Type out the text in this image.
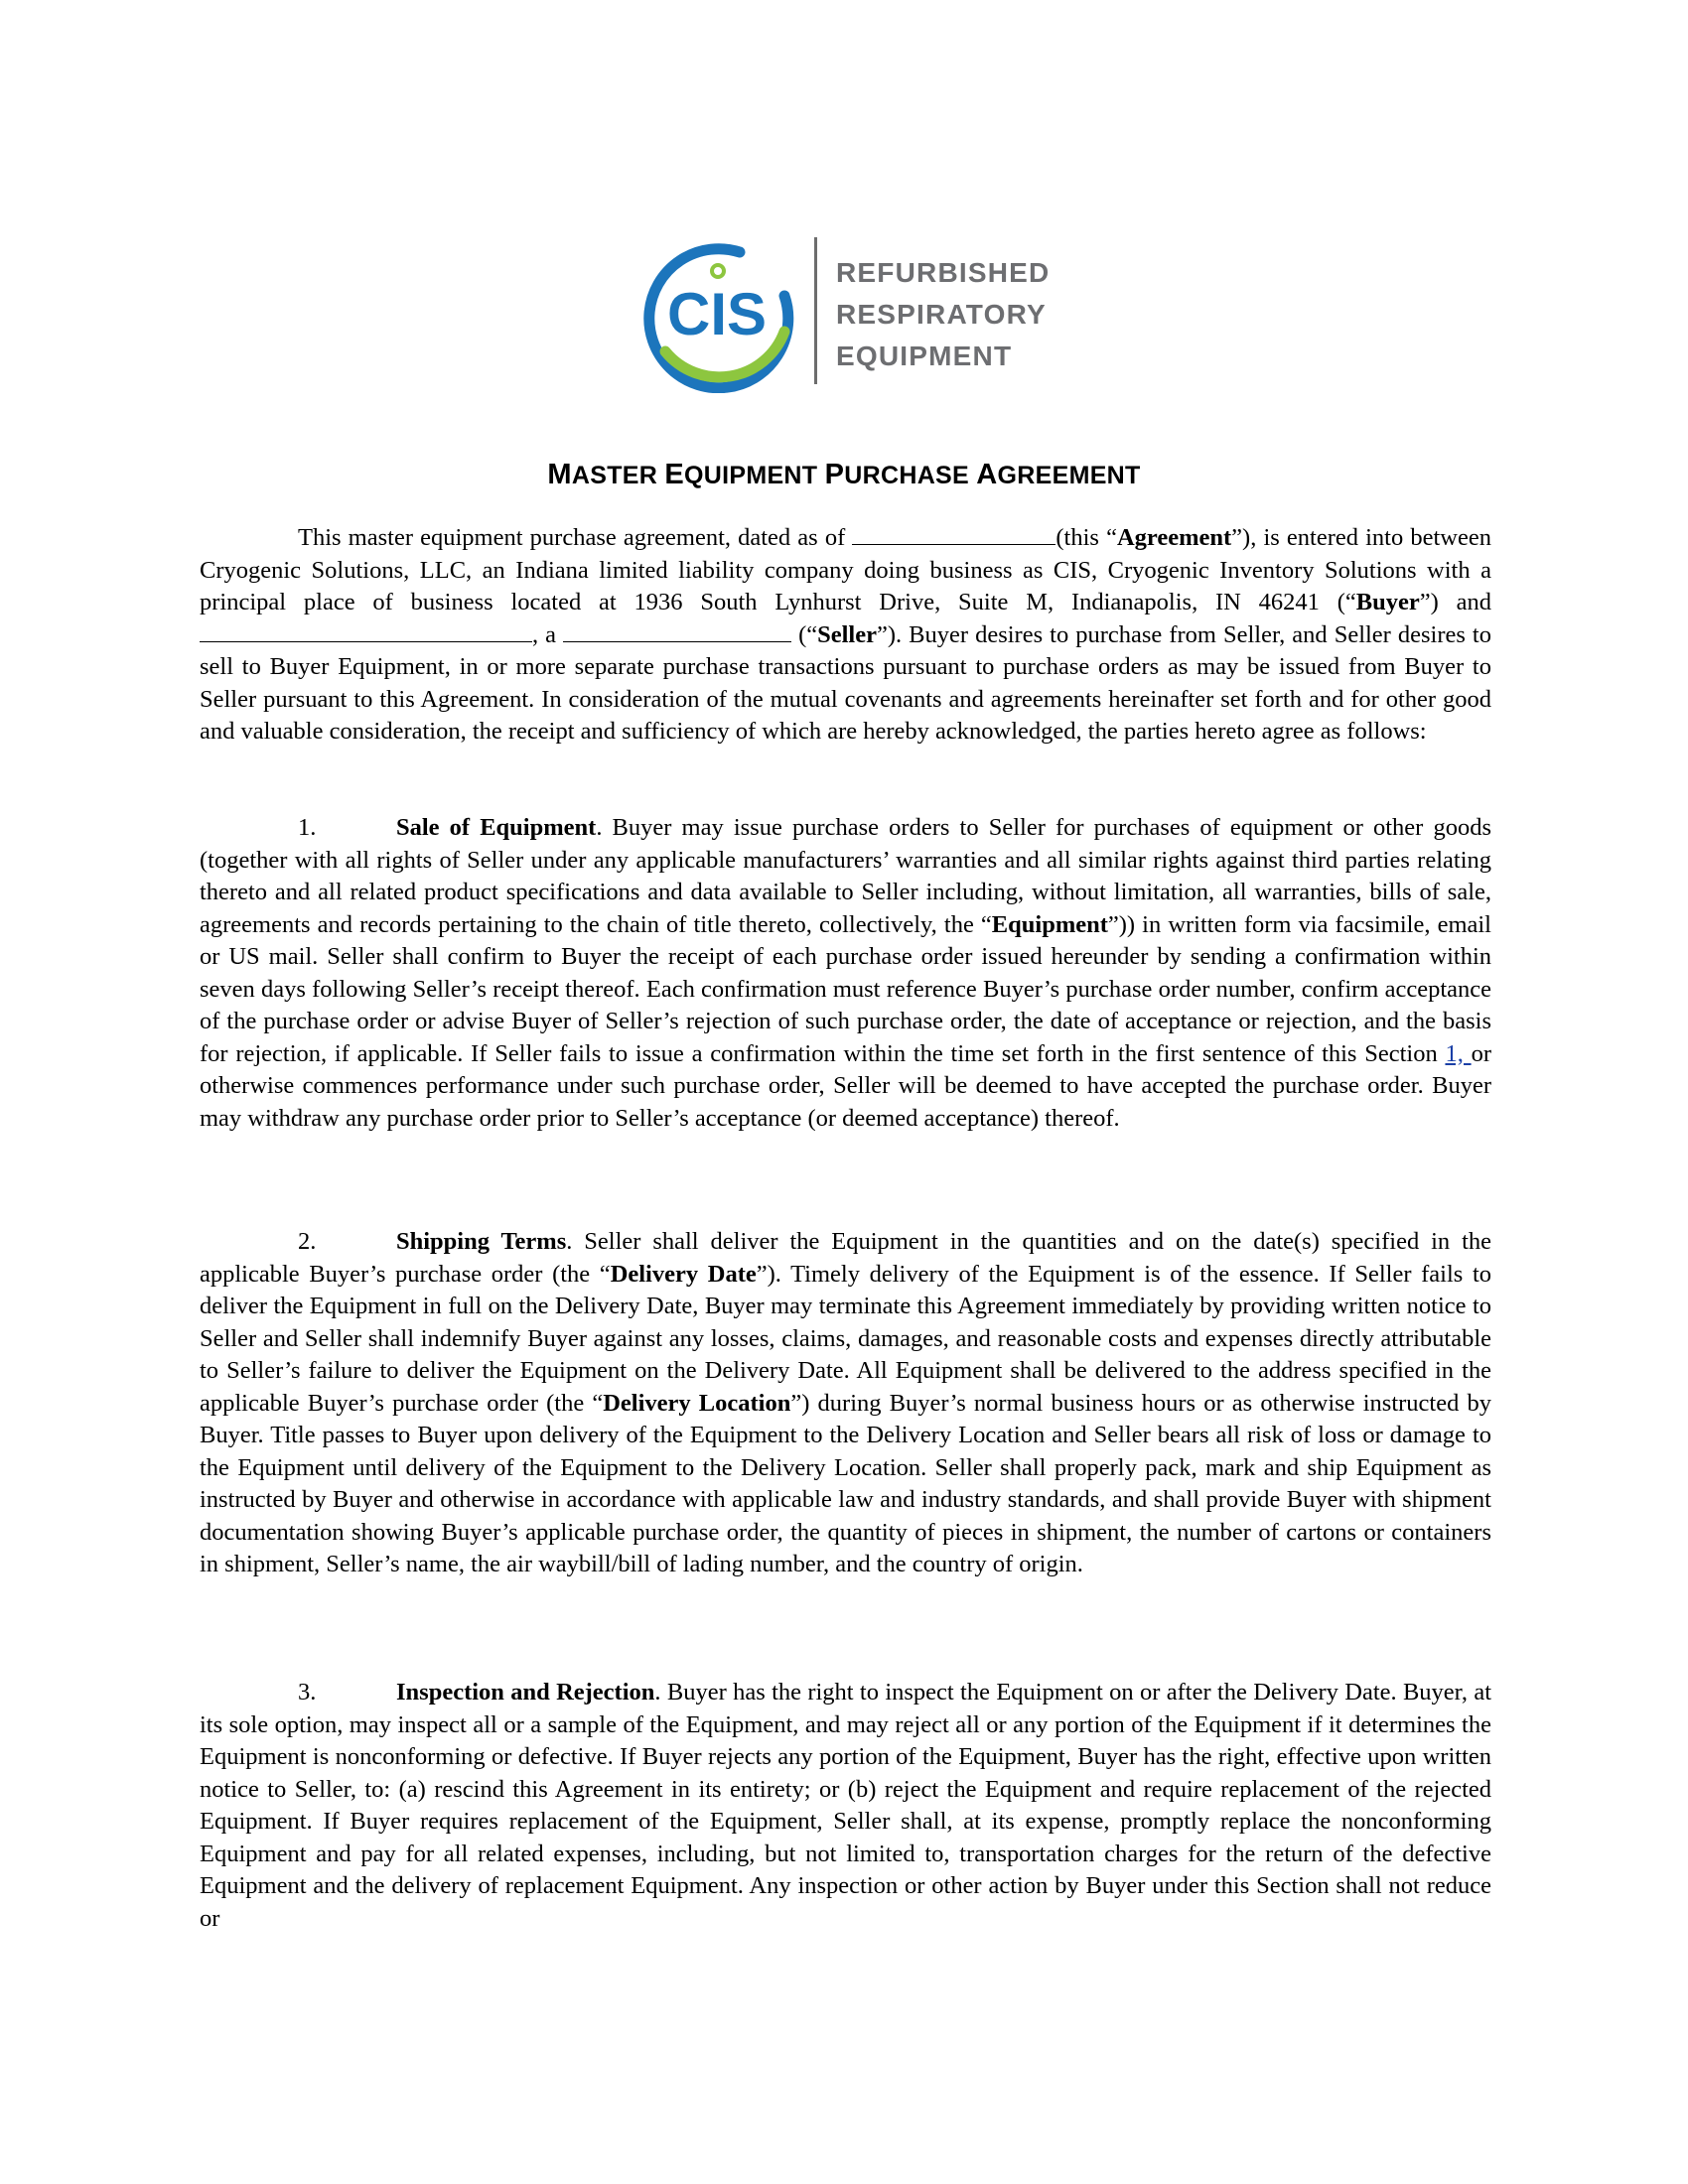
CIS
REFURBISHED
RESPIRATORY
EQUIPMENT
MASTER EQUIPMENT PURCHASE AGREEMENT

This master equipment purchase agreement, dated as of	(this “Agreement”), is entered into between Cryogenic Solutions, LLC, an Indiana limited liability company doing business as CIS, Cryogenic Inventory Solutions with a principal place of business located at 1936 South Lynhurst Drive, Suite M, Indianapolis, IN 46241 (“Buyer”) and , a	(“Seller”). Buyer desires to purchase from Seller, and Seller desires to sell to Buyer Equipment, in or more separate purchase transactions pursuant to purchase orders as may be issued from Buyer to Seller pursuant to this Agreement. In consideration of the mutual covenants and agreements hereinafter set forth and for other good and valuable consideration, the receipt and sufficiency of which are hereby acknowledged, the parties hereto agree as follows:

1.	Sale of Equipment. Buyer may issue purchase orders to Seller for purchases of equipment or other goods (together with all rights of Seller under any applicable manufacturers’ warranties and all similar rights against third parties relating thereto and all related product specifications and data available to Seller including, without limitation, all warranties, bills of sale, agreements and records pertaining to the chain of title thereto, collectively, the “Equipment”)) in written form via facsimile, email or US mail. Seller shall confirm to Buyer the receipt of each purchase order issued hereunder by sending a confirmation within seven days following Seller’s receipt thereof. Each confirmation must reference Buyer’s purchase order number, confirm acceptance of the purchase order or advise Buyer of Seller’s rejection of such purchase order, the date of acceptance or rejection, and the basis for rejection, if applicable. If Seller fails to issue a confirmation within the time set forth in the first sentence of this Section 1, or otherwise commences performance under such purchase order, Seller will be deemed to have accepted the purchase order. Buyer may withdraw any purchase order prior to Seller’s acceptance (or deemed acceptance) thereof.

2.	Shipping Terms. Seller shall deliver the Equipment in the quantities and on the date(s) specified in the applicable Buyer’s purchase order (the “Delivery Date”). Timely delivery of the Equipment is of the essence. If Seller fails to deliver the Equipment in full on the Delivery Date, Buyer may terminate this Agreement immediately by providing written notice to Seller and Seller shall indemnify Buyer against any losses, claims, damages, and reasonable costs and expenses directly attributable to Seller’s failure to deliver the Equipment on the Delivery Date. All Equipment shall be delivered to the address specified in the applicable Buyer’s purchase order (the “Delivery Location”) during Buyer’s normal business hours or as otherwise instructed by Buyer. Title passes to Buyer upon delivery of the Equipment to the Delivery Location and Seller bears all risk of loss or damage to the Equipment until delivery of the Equipment to the Delivery Location. Seller shall properly pack, mark and ship Equipment as instructed by Buyer and otherwise in accordance with applicable law and industry standards, and shall provide Buyer with shipment documentation showing Buyer’s applicable purchase order, the quantity of pieces in shipment, the number of cartons or containers in shipment, Seller’s name, the air waybill/bill of lading number, and the country of origin.

3.	Inspection and Rejection. Buyer has the right to inspect the Equipment on or after the Delivery Date. Buyer, at its sole option, may inspect all or a sample of the Equipment, and may reject all or any portion of the Equipment if it determines the Equipment is nonconforming or defective. If Buyer rejects any portion of the Equipment, Buyer has the right, effective upon written notice to Seller, to: (a) rescind this Agreement in its entirety; or (b) reject the Equipment and require replacement of the rejected Equipment. If Buyer requires replacement of the Equipment, Seller shall, at its expense, promptly replace the nonconforming Equipment and pay for all related expenses, including, but not limited to, transportation charges for the return of the defective Equipment and the delivery of replacement Equipment. Any inspection or other action by Buyer under this Section shall not reduce or
